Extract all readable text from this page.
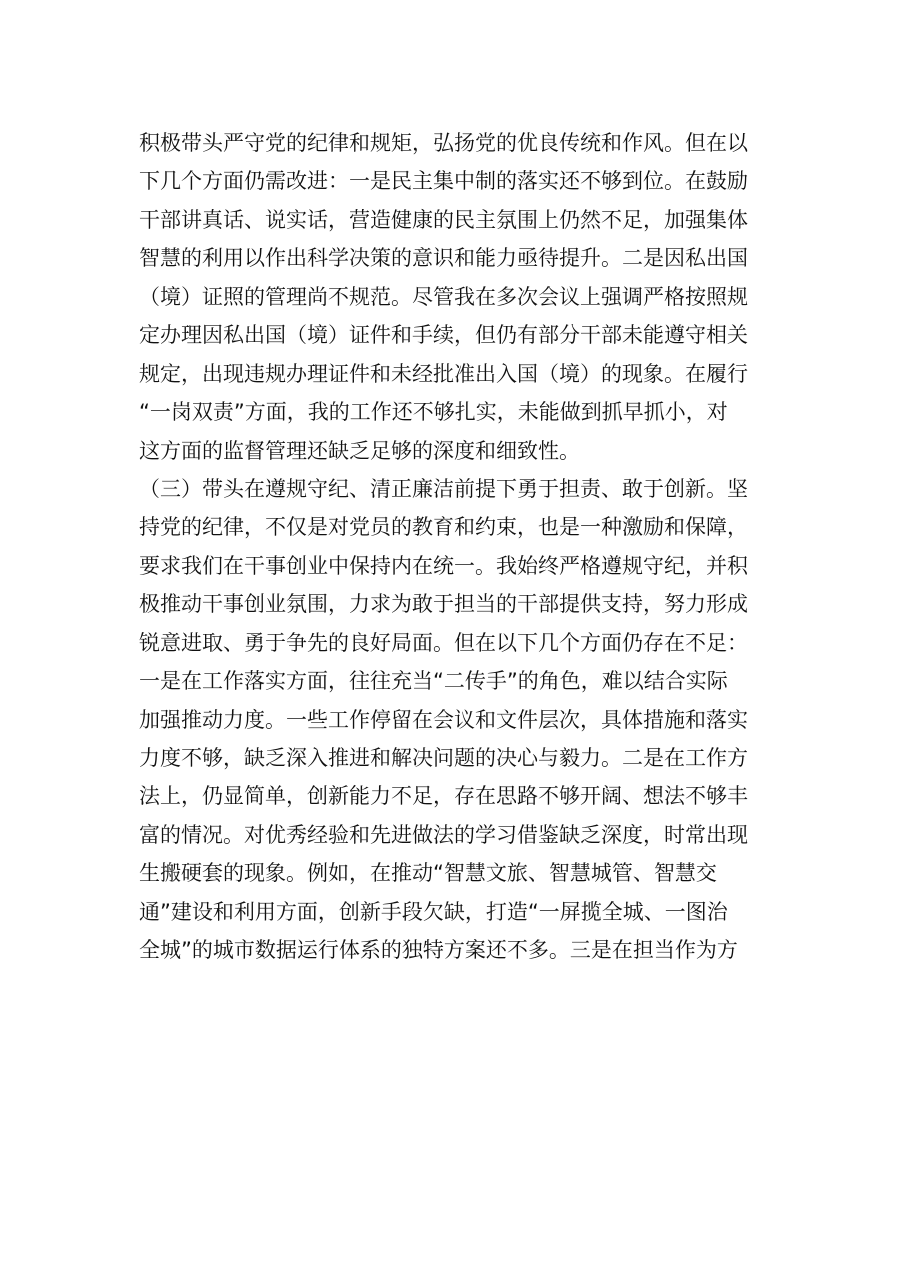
积极带头严守党的纪律和规矩，弘扬党的优良传统和作风。但在以
下几个方面仍需改进：一是民主集中制的落实还不够到位。在鼓励
干部讲真话、说实话，营造健康的民主氛围上仍然不足，加强集体
智慧的利用以作出科学决策的意识和能力亟待提升。二是因私出国
（境）证照的管理尚不规范。尽管我在多次会议上强调严格按照规
定办理因私出国（境）证件和手续，但仍有部分干部未能遵守相关
规定，出现违规办理证件和未经批准出入国（境）的现象。在履行
“一岗双责”方面，我的工作还不够扎实，未能做到抓早抓小，对
这方面的监督管理还缺乏足够的深度和细致性。
（三）带头在遵规守纪、清正廉洁前提下勇于担责、敢于创新。坚
持党的纪律，不仅是对党员的教育和约束，也是一种激励和保障，
要求我们在干事创业中保持内在统一。我始终严格遵规守纪，并积
极推动干事创业氛围，力求为敢于担当的干部提供支持，努力形成
锐意进取、勇于争先的良好局面。但在以下几个方面仍存在不足：
一是在工作落实方面，往往充当“二传手”的角色，难以结合实际
加强推动力度。一些工作停留在会议和文件层次，具体措施和落实
力度不够，缺乏深入推进和解决问题的决心与毅力。二是在工作方
法上，仍显简单，创新能力不足，存在思路不够开阔、想法不够丰
富的情况。对优秀经验和先进做法的学习借鉴缺乏深度，时常出现
生搬硬套的现象。例如，在推动“智慧文旅、智慧城管、智慧交
通”建设和利用方面，创新手段欠缺，打造“一屏揽全城、一图治
全城”的城市数据运行体系的独特方案还不多。三是在担当作为方
